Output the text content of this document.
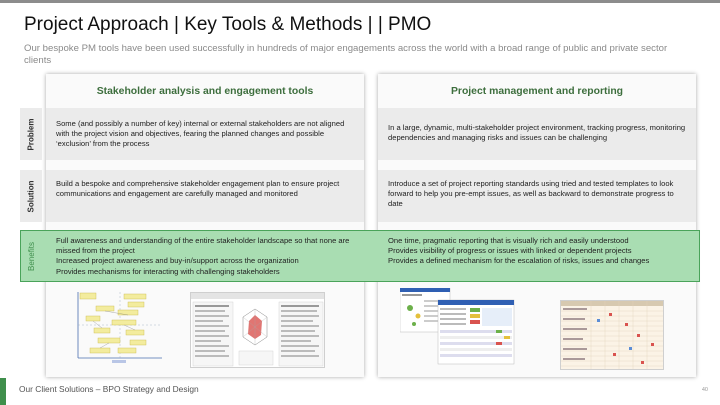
Project Approach | Key Tools & Methods | | PMO
Our bespoke PM tools have been used successfully in hundreds of major engagements across the world with a broad range of public and private sector clients
Stakeholder analysis and engagement tools	Project management and reporting
Problem
Solution
Benefits
Some (and possibly a number of key) internal or external stakeholders are not aligned with the project vision and objectives, fearing the planned changes and possible ‘exclusion’ from the process
In a large, dynamic, multi-stakeholder project environment, tracking progress, monitoring dependencies and managing risks and issues can be challenging
Build a bespoke and comprehensive stakeholder engagement plan to ensure project communications and engagement are carefully managed and monitored
Introduce a set of project reporting standards using tried and tested templates to look forward to help you pre-empt issues, as well as backward to demonstrate progress to date
Full awareness and understanding of the entire stakeholder landscape so that none are missed from the project
Increased project awareness and buy-in/support across the organization
Provides mechanisms for interacting with challenging stakeholders
One time, pragmatic reporting that is visually rich and easily understood
Provides visibility of progress or issues with linked or dependent projects
Provides a defined mechanism for the escalation of risks, issues and changes
Our Client Solutions – BPO Strategy and Design	40
